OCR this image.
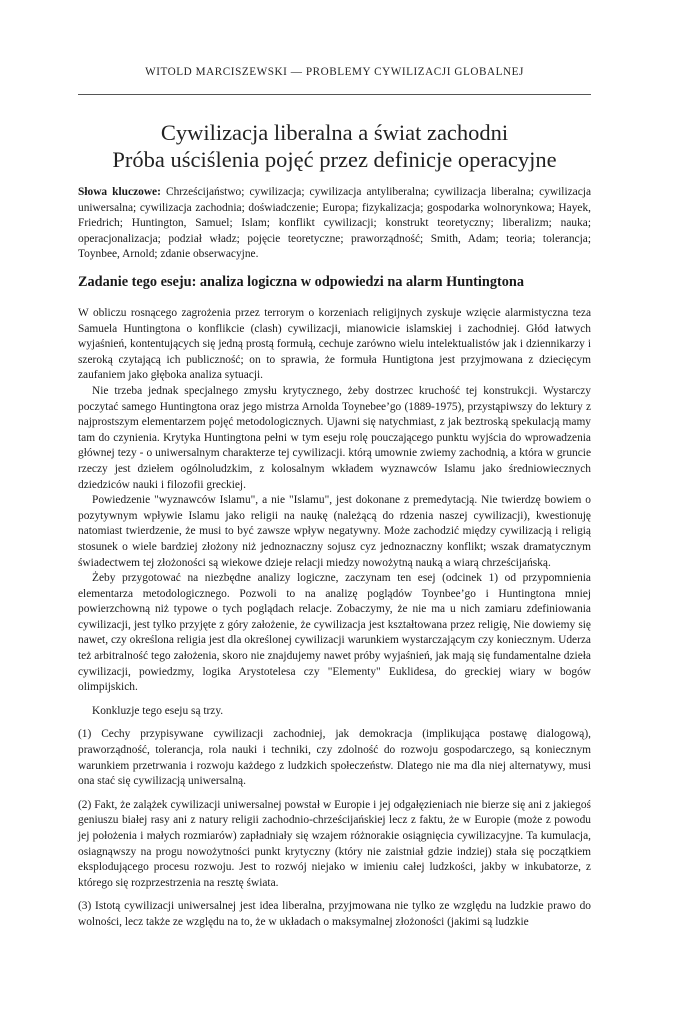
WITOLD MARCISZEWSKI — PROBLEMY CYWILIZACJI GLOBALNEJ
Cywilizacja liberalna a świat zachodni
Próba uściślenia pojęć przez definicje operacyjne
Słowa kluczowe: Chrześcijaństwo; cywilizacja; cywilizacja antyliberalna; cywilizacja liberalna; cywilizacja uniwersalna; cywilizacja zachodnia; doświadczenie; Europa; fizykalizacja; gospodarka wolnorynkowa; Hayek, Friedrich; Huntington, Samuel; Islam; konflikt cywilizacji; konstrukt teoretyczny; liberalizm; nauka; operacjonalizacja; podział władz; pojęcie teoretyczne; praworządność; Smith, Adam; teoria; tolerancja; Toynbee, Arnold; zdanie obserwacyjne.
Zadanie tego eseju: analiza logiczna w odpowiedzi na alarm Huntingtona

W obliczu rosnącego zagrożenia przez terrorym o korzeniach religijnych zyskuje wzięcie alarmistyczna teza Samuela Huntingtona o konflikcie (clash) cywilizacji, mianowicie islamskiej i zachodniej. Głód łatwych wyjaśnień, kontentujących się jedną prostą formułą, cechuje zarówno wielu intelektualistów jak i dziennikarzy i szeroką czytającą ich publiczność; on to sprawia, że formuła Huntigtona jest przyjmowana z dziecięcym zaufaniem jako głęboka analiza sytuacji.

Nie trzeba jednak specjalnego zmysłu krytycznego, żeby dostrzec kruchość tej konstrukcji. Wystarczy poczytać samego Huntingtona oraz jego mistrza Arnolda Toynebee’go (1889-1975), przystąpiwszy do lektury z najprostszym elementarzem pojęć metodologicznych. Ujawni się natychmiast, z jak beztroską spekulacją mamy tam do czynienia. Krytyka Huntingtona pełni w tym eseju rolę pouczającego punktu wyjścia do wprowadzenia głównej tezy - o uniwersalnym charakterze tej cywilizacji. którą umownie zwiemy zachodnią, a która w gruncie rzeczy jest dziełem ogólnoludzkim, z kolosalnym wkładem wyznawców Islamu jako średniowiecznych dziedziców nauki i filozofii greckiej.

Powiedzenie "wyznawców Islamu", a nie "Islamu", jest dokonane z premedytacją. Nie twierdzę bowiem o pozytywnym wpływie Islamu jako religii na naukę (należącą do rdzenia naszej cywilizacji), kwestionuję natomiast twierdzenie, że musi to być zawsze wpływ negatywny. Może zachodzić między cywilizacją i religią stosunek o wiele bardziej złożony niż jednoznaczny sojusz cyz jednoznaczny konflikt; wszak dramatycznym świadectwem tej złożoności są wiekowe dzieje relacji miedzy nowożytną nauką a wiarą chrześcijańską.

Żeby przygotować na niezbędne analizy logiczne, zaczynam ten esej (odcinek 1) od przypomnienia elementarza metodologicznego. Pozwoli to na analizę poglądów Toynbee’go i Huntingtona mniej powierzchowną niż typowe o tych poglądach relacje. Zobaczymy, że nie ma u nich zamiaru zdefiniowania cywilizacji, jest tylko przyjęte z góry założenie, że cywilizacja jest kształtowana przez religię, Nie dowiemy się nawet, czy określona religia jest dla określonej cywilizacji warunkiem wystarczającym czy koniecznym. Uderza też arbitralność tego założenia, skoro nie znajdujemy nawet próby wyjaśnień, jak mają się fundamentalne dzieła cywilizacji, powiedzmy, logika Arystotelesa czy "Elementy" Euklidesa, do greckiej wiary w bogów olimpijskich.

Konkluzje tego eseju są trzy.

(1) Cechy przypisywane cywilizacji zachodniej, jak demokracja (implikująca postawę dialogową), praworządność, tolerancja, rola nauki i techniki, czy zdolność do rozwoju gospodarczego, są koniecznym warunkiem przetrwania i rozwoju każdego z ludzkich społeczeństw. Dlatego nie ma dla niej alternatywy, musi ona stać się cywilizacją uniwersalną.

(2) Fakt, że zalążek cywilizacji uniwersalnej powstał w Europie i jej odgałęzieniach nie bierze się ani z jakiegoś geniuszu białej rasy ani z natury religii zachodnio-chrześcijańskiej lecz z faktu, że w Europie (może z powodu jej położenia i małych rozmiarów) zapładniały się wzajem różnorakie osiągnięcia cywilizacyjne. Ta kumulacja, osiagnąwszy na progu nowożytności punkt krytyczny (który nie zaistniał gdzie indziej) stała się początkiem eksplodującego procesu rozwoju. Jest to rozwój niejako w imieniu całej ludzkości, jakby w inkubatorze, z którego się rozprzestrzenia na resztę świata.

(3) Istotą cywilizacji uniwersalnej jest idea liberalna, przyjmowana nie tylko ze względu na ludzkie prawo do wolności, lecz także ze względu na to, że w układach o maksymalnej złożoności (jakimi są ludzkie
